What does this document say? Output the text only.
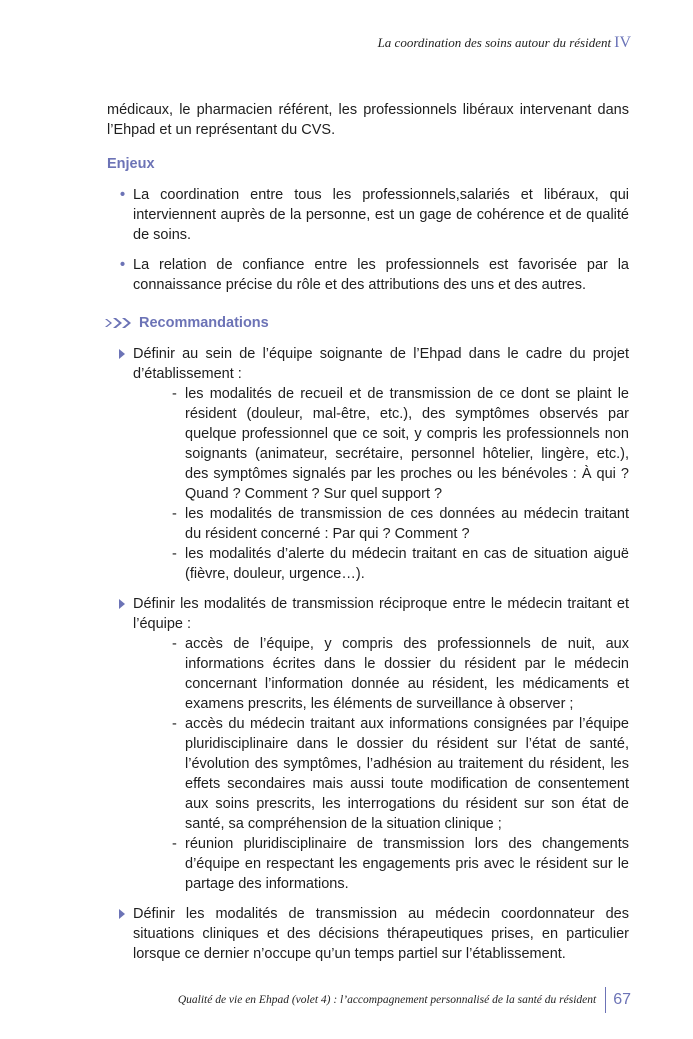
La coordination des soins autour du résident IV

médicaux, le pharmacien référent, les professionnels libéraux intervenant dans l’Ehpad et un représentant du CVS.

Enjeux
• La coordination entre tous les professionnels,salariés et libéraux, qui interviennent auprès de la personne, est un gage de cohérence et de qualité de soins.
• La relation de confiance entre les professionnels est favorisée par la connaissance précise du rôle et des attributions des uns et des autres.
Recommandations

Définir au sein de l’équipe soignante de l’Ehpad dans le cadre du projet d’établissement :

- les modalités de recueil et de transmission de ce dont se plaint le résident (douleur, mal-être, etc.), des symptômes observés par quelque professionnel que ce soit, y compris les professionnels non soignants (animateur, secrétaire, personnel hôtelier, lingère, etc.), des symptômes signalés par les proches ou les bénévoles : À qui ? Quand ? Comment ? Sur quel support ?
- les modalités de transmission de ces données au médecin traitant du résident concerné : Par qui ? Comment ?
- les modalités d’alerte du médecin traitant en cas de situation aiguë (fièvre, douleur, urgence…).

Définir les modalités de transmission réciproque entre le médecin traitant et l’équipe :

- accès de l’équipe, y compris des professionnels de nuit, aux informations écrites dans le dossier du résident par le médecin concernant l’information donnée au résident, les médicaments et examens prescrits, les éléments de surveillance à observer ;
- accès du médecin traitant aux informations consignées par l’équipe pluridisciplinaire dans le dossier du résident sur l’état de santé, l’évolution des symptômes, l’adhésion au traitement du résident, les effets secondaires mais aussi toute modification de consentement aux soins prescrits, les interrogations du résident sur son état de santé, sa compréhension de la situation clinique ;
- réunion pluridisciplinaire de transmission lors des changements d’équipe en respectant les engagements pris avec le résident sur le partage des informations.

Définir les modalités de transmission au médecin coordonnateur des situations cliniques et des décisions thérapeutiques prises, en particulier lorsque ce dernier n’occupe qu’un temps partiel sur l’établissement.

Qualité de vie en Ehpad (volet 4) : l’accompagnement personnalisé de la santé du résident 67
